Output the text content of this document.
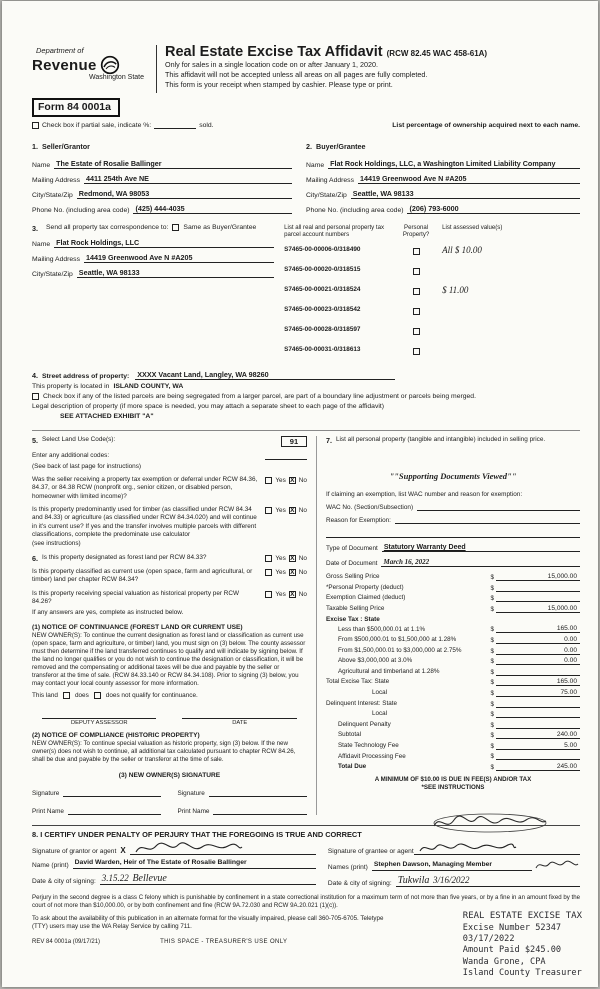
Department of
Revenue
Washington State
Real Estate Excise Tax Affidavit (RCW 82.45 WAC 458-61A)
Only for sales in a single location code on or after January 1, 2020.
This affidavit will not be accepted unless all areas on all pages are fully completed.
This form is your receipt when stamped by cashier. Please type or print.
Form 84 0001a
Check box if partial sale, indicate %:	sold.	List percentage of ownership acquired next to each name.
1. Seller/Grantor
Name The Estate of Rosalie Ballinger
Mailing Address 4411 254th Ave NE
City/State/Zip Redmond, WA 98053
Phone No. (including area code) (425) 444-4035
2. Buyer/Grantee
Name Flat Rock Holdings, LLC, a Washington Limited Liability Company
Mailing Address 14419 Greenwood Ave N #A205
City/State/Zip Seattle, WA 98133
Phone No. (including area code) (206) 793-6000
3. Send all property tax correspondence to: Same as Buyer/Grantee
Name Flat Rock Holdings, LLC
Mailing Address 14419 Greenwood Ave N #A205
City/State/Zip Seattle, WA 98133
List all real and personal property tax parcel account numbers
Personal Property?
List assessed value(s)
S7465-00-00006-0/318490	All $ 10.00
S7465-00-00020-0/318515
S7465-00-00021-0/318524	$ 11.00
S7465-00-00023-0/318542
S7465-00-00028-0/318597
S7465-00-00031-0/318613
4. Street address of property: XXXX Vacant Land, Langley, WA 98260
This property is located in ISLAND COUNTY, WA
Check box if any of the listed parcels are being segregated from a larger parcel, are part of a boundary line adjustment or parcels being merged.
Legal description of property (if more space is needed, you may attach a separate sheet to each page of the affidavit)
SEE ATTACHED EXHIBIT "A"
5. Select Land Use Code(s):	91
Enter any additional codes:
(See back of last page for instructions)
Was the seller receiving a property tax exemption or deferral under RCW 84.36, 84.37, or 84.38 RCW (nonprofit org., senior citizen, or disabled person, homeowner with limited income)?
Yes X No
Is this property predominantly used for timber (as classified under RCW 84.34 and 84.33) or agriculture (as classified under RCW 84.34.020) and will continue in it's current use? If yes and the transfer involves multiple parcels with different classifications, complete the predominate use calculator
Yes X No
(see instructions)
6. Is this property designated as forest land per RCW 84.33?	Yes X No
Is this property classified as current use (open space, farm and agricultural, or timber) land per chapter RCW 84.34?
Yes X No
Is this property receiving special valuation as historical property per RCW 84.26?
Yes X No
If any answers are yes, complete as instructed below.
(1) NOTICE OF CONTINUANCE (FOREST LAND OR CURRENT USE)
NEW OWNER(S): To continue the current designation as forest land or classification as current use (open space, farm and agriculture, or timber) land, you must sign on (3) below. The county assessor must then determine if the land transferred continues to qualify and will indicate by signing below. If the land no longer qualifies or you do not wish to continue the designation or classification, it will be removed and the compensating or additional taxes will be due and payable by the seller or transferor at the time of sale. (RCW 84.33.140 or RCW 84.34.108). Prior to signing (3) below, you may contact your local county assessor for more information.
This land	does	does not qualify for continuance.
DEPUTY ASSESSOR	DATE
(2) NOTICE OF COMPLIANCE (HISTORIC PROPERTY)
NEW OWNER(S): To continue special valuation as historic property, sign (3) below. If the new owner(s) does not wish to continue, all additional tax calculated pursuant to chapter RCW 84.26, shall be due and payable by the seller or transferor at the time of sale.
(3) NEW OWNER(S) SIGNATURE
Signature	Signature
Print Name	Print Name
7. List all personal property (tangible and intangible) included in selling price.
""Supporting Documents Viewed""
If claiming an exemption, list WAC number and reason for exemption:
WAC No. (Section/Subsection)
Reason for Exemption:
Type of Document Statutory Warranty Deed
Date of Document March 16, 2022
Gross Selling Price	$	15,000.00
*Personal Property (deduct)	$
Exemption Claimed (deduct)	$
Taxable Selling Price	$	15,000.00
Excise Tax : State
Less than $500,000.01 at 1.1%	$	165.00
From $500,000.01 to $1,500,000 at 1.28%	$	0.00
From $1,500,000.01 to $3,000,000 at 2.75%	$	0.00
Above $3,000,000 at 3.0%	$	0.00
Agricultural and timberland at 1.28%	$
Total Excise Tax: State	$	165.00
Local	$	75.00
Delinquent Interest: State	$
Local	$
Delinquent Penalty	$
Subtotal	$	240.00
State Technology Fee	$	5.00
Affidavit Processing Fee	$
Total Due	$	245.00
A MINIMUM OF $10.00 IS DUE IN FEE(S) AND/OR TAX
*SEE INSTRUCTIONS
8. I CERTIFY UNDER PENALTY OF PERJURY THAT THE FOREGOING IS TRUE AND CORRECT
Signature of grantor or agent X
Name (print) David Warden, Heir of The Estate of Rosalie Ballinger
Date & city of signing: 3.15.22 Bellevue
Signature of grantee or agent
Names (print) Stephen Dawson, Managing Member
Date & city of signing: Tukwila 3/16/2022
Perjury in the second degree is a class C felony which is punishable by confinement in a state correctional institution for a maximum term of not more than five years, or by a fine in an amount fixed by the court of not more than $10,000.00, or by both confinement and fine (RCW 9A.72.030 and RCW 9A.20.021 (1)(c)).
To ask about the availability of this publication in an alternate format for the visually impaired, please call 360-705-6705. Teletype (TTY) users may use the WA Relay Service by calling 711.
REV 84 0001a (09/17/21)	THIS SPACE - TREASURER'S USE ONLY
REAL ESTATE EXCISE TAX
Excise Number 52347
03/17/2022
Amount Paid $245.00
Wanda Grone, CPA
Island County Treasurer
